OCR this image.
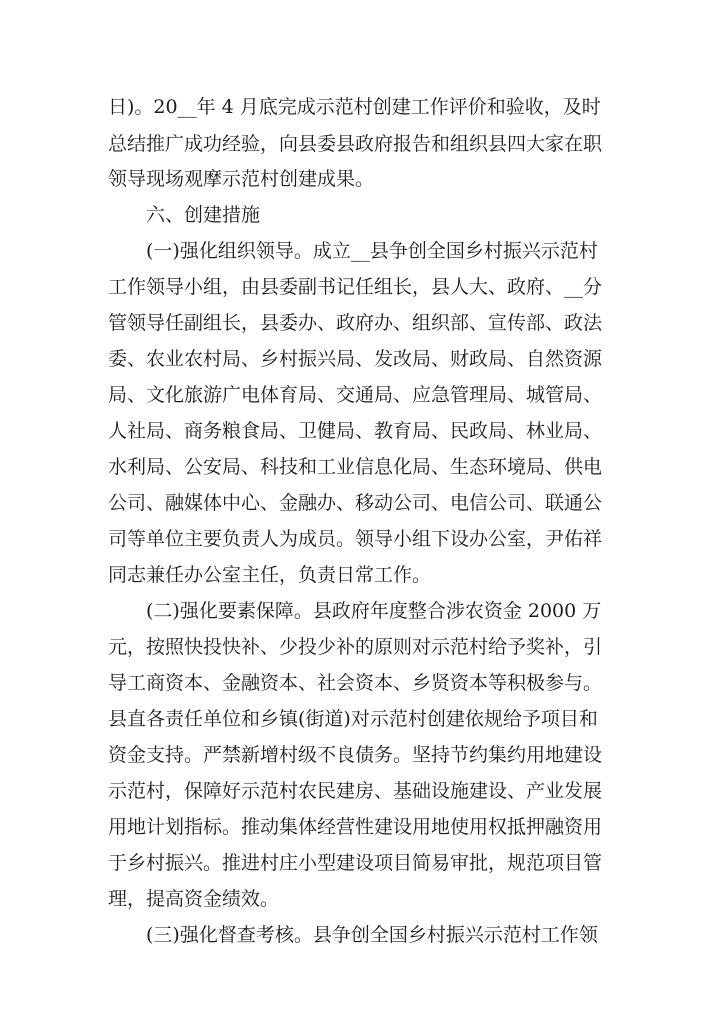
日)。20__年 4 月底完成示范村创建工作评价和验收，及时
总结推广成功经验，向县委县政府报告和组织县四大家在职
领导现场观摩示范村创建成果。
六、创建措施
(一)强化组织领导。成立__县争创全国乡村振兴示范村
工作领导小组，由县委副书记任组长，县人大、政府、__分
管领导任副组长，县委办、政府办、组织部、宣传部、政法
委、农业农村局、乡村振兴局、发改局、财政局、自然资源
局、文化旅游广电体育局、交通局、应急管理局、城管局、
人社局、商务粮食局、卫健局、教育局、民政局、林业局、
水利局、公安局、科技和工业信息化局、生态环境局、供电
公司、融媒体中心、金融办、移动公司、电信公司、联通公
司等单位主要负责人为成员。领导小组下设办公室，尹佑祥
同志兼任办公室主任，负责日常工作。
(二)强化要素保障。县政府年度整合涉农资金 2000 万
元，按照快投快补、少投少补的原则对示范村给予奖补，引
导工商资本、金融资本、社会资本、乡贤资本等积极参与。
县直各责任单位和乡镇(街道)对示范村创建依规给予项目和
资金支持。严禁新增村级不良债务。坚持节约集约用地建设
示范村，保障好示范村农民建房、基础设施建设、产业发展
用地计划指标。推动集体经营性建设用地使用权抵押融资用
于乡村振兴。推进村庄小型建设项目简易审批，规范项目管
理，提高资金绩效。
(三)强化督查考核。县争创全国乡村振兴示范村工作领
